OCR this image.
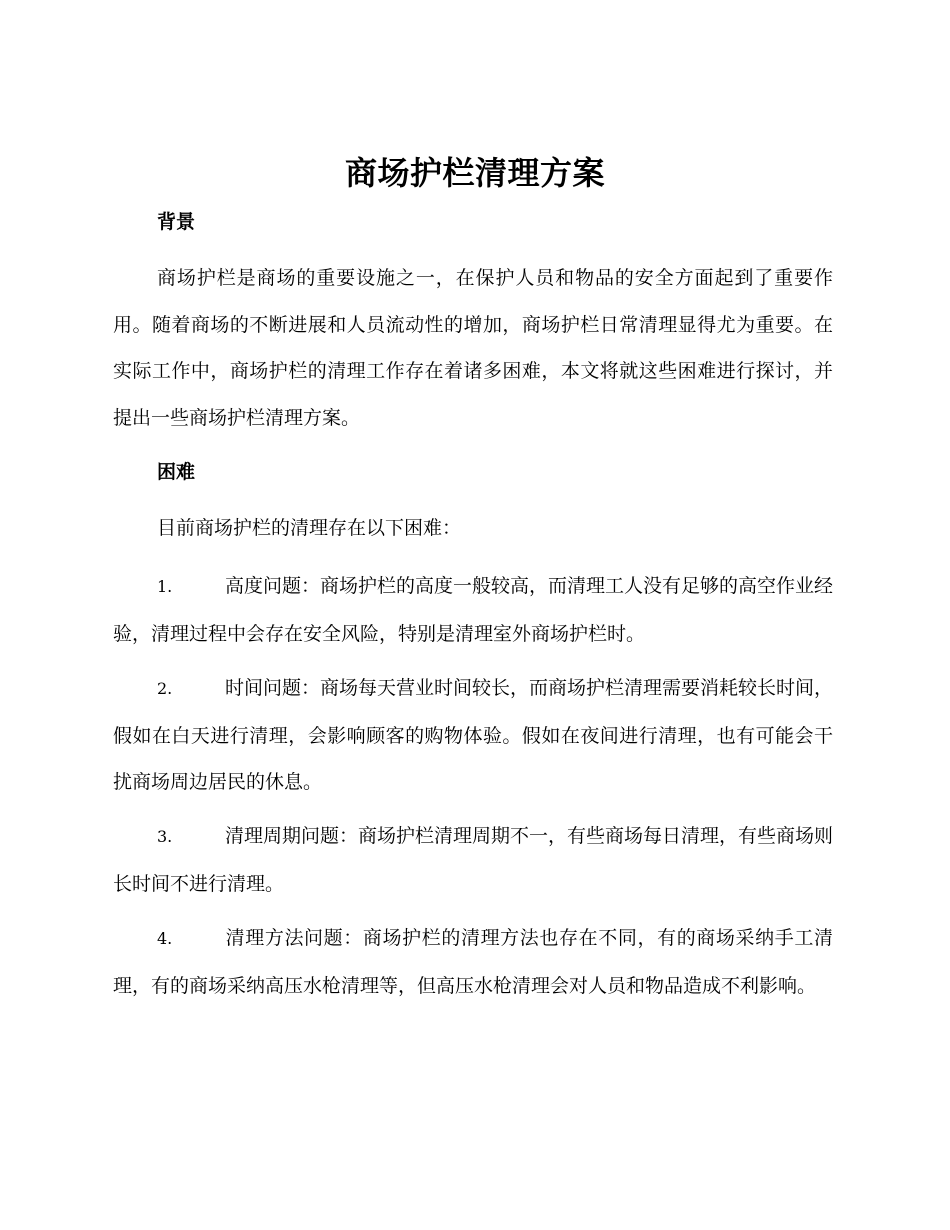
商场护栏清理方案
背景

商场护栏是商场的重要设施之一，在保护人员和物品的安全方面起到了重要作用。随着商场的不断进展和人员流动性的增加，商场护栏日常清理显得尤为重要。在实际工作中，商场护栏的清理工作存在着诸多困难，本文将就这些困难进行探讨，并提出一些商场护栏清理方案。

困难

目前商场护栏的清理存在以下困难：

1.	高度问题：商场护栏的高度一般较高，而清理工人没有足够的高空作业经验，清理过程中会存在安全风险，特别是清理室外商场护栏时。

2.	时间问题：商场每天营业时间较长，而商场护栏清理需要消耗较长时间，假如在白天进行清理，会影响顾客的购物体验。假如在夜间进行清理，也有可能会干扰商场周边居民的休息。

3.	清理周期问题：商场护栏清理周期不一，有些商场每日清理，有些商场则长时间不进行清理。

4.	清理方法问题：商场护栏的清理方法也存在不同，有的商场采纳手工清理，有的商场采纳高压水枪清理等，但高压水枪清理会对人员和物品造成不利影响。
